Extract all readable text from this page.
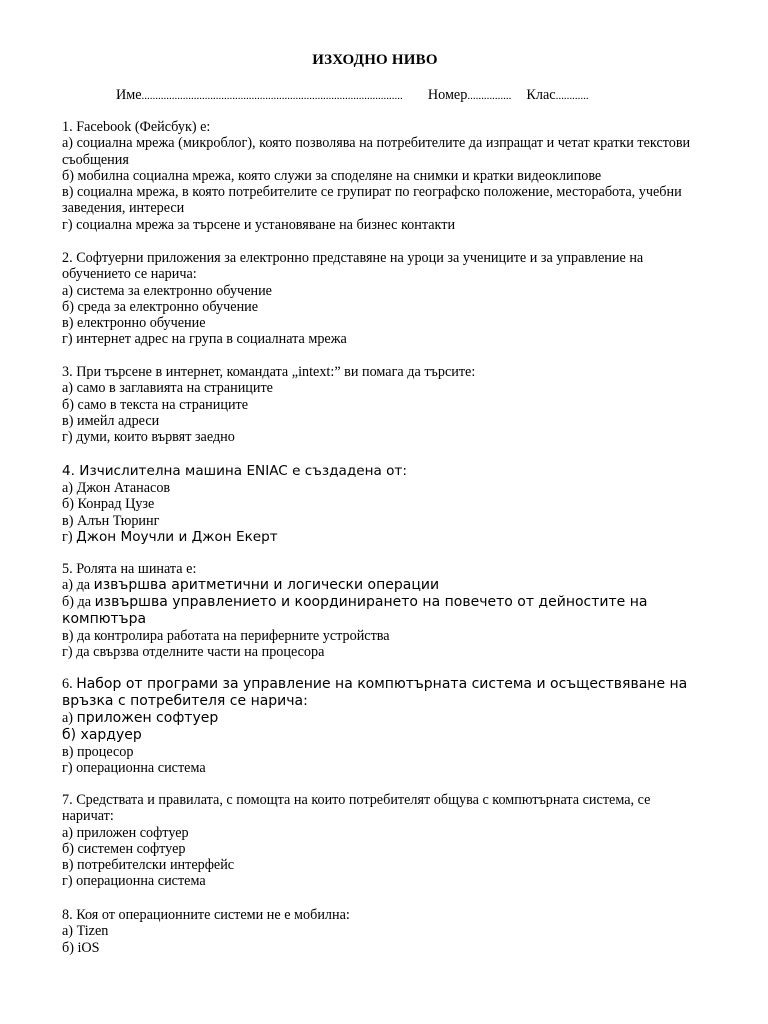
ИЗХОДНО НИВО
Име............................................................................................... Номер................ Клас............
1. Facebook (Фейсбук) е:
а) социална мрежа (микроблог), която позволява на потребителите да изпращат и четат кратки текстови
съобщения
б) мобилна социална мрежа, която служи за споделяне на снимки и кратки видеоклипове
в) социална мрежа, в която потребителите се групират по географско положение, месторабота, учебни
заведения, интереси
г) социална мрежа за търсене и установяване на бизнес контакти
2. Софтуерни приложения за електронно представяне на уроци за учениците и за управление на
обучението се нарича:
а) система за електронно обучение
б) среда за електронно обучение
в) електронно обучение
г) интернет адрес на група в социалната мрежа
3. При търсене в интернет, командата „intext:” ви помага да търсите:
а) само в заглавията на страниците
б) само в текста на страниците
в) имейл адреси
г) думи, които вървят заедно
4. Изчислителна машина ENIAC е създадена от:
а) Джон Атанасов
б) Конрад Цузе
в) Алън Тюринг
г) Джон Моучли и Джон Екерт
5. Ролята на шината е:
а) да извършва аритметични и логически операции
б) да извършва управлението и координирането на повечето от дейностите на
компютъра
в) да контролира работата на периферните устройства
г) да свързва отделните части на процесора
6. Набор от програми за управление на компютърната система и осъществяване на
връзка с потребителя се нарича:
а) приложен софтуер
б) хардуер
в) процесор
г) операционна система
7. Средствата и правилата, с помощта на които потребителят общува с компютърната система, се
наричат:
а) приложен софтуер
б) системен софтуер
в) потребителски интерфейс
г) операционна система
8. Коя от операционните системи не е мобилна:
а) Tizen
б) iOS
